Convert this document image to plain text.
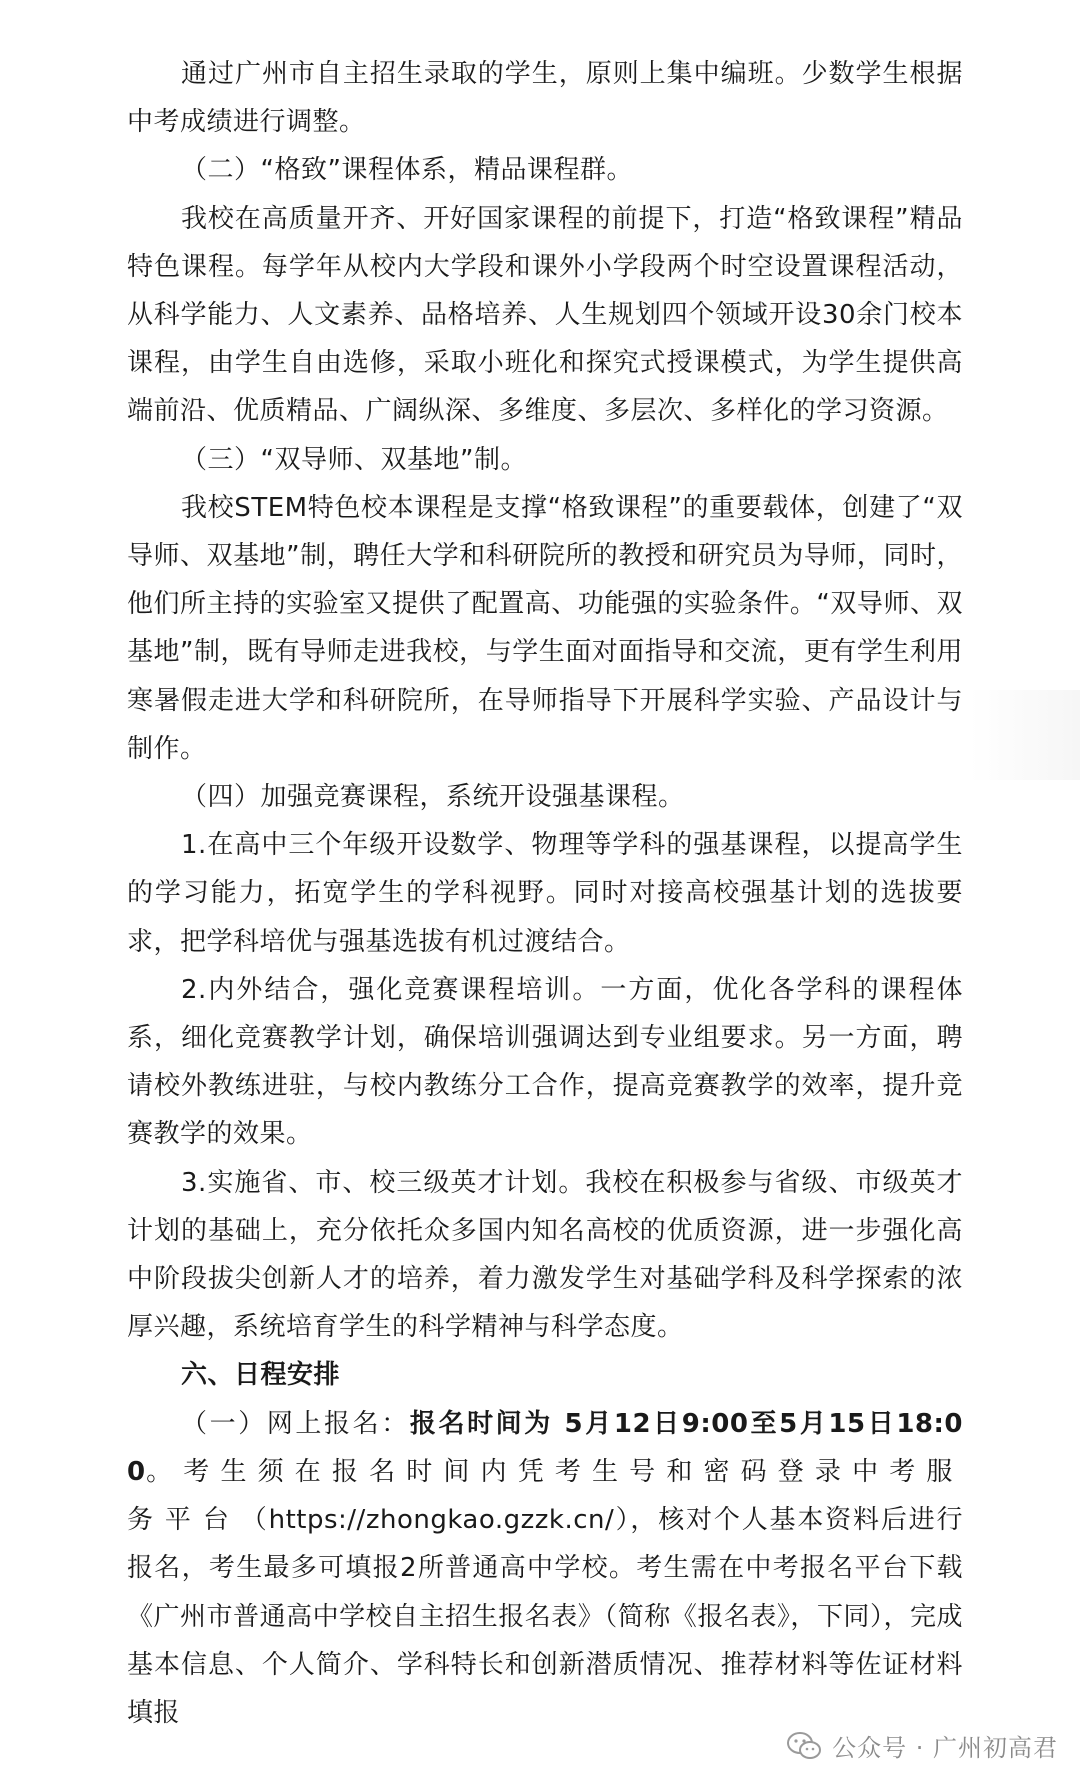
通过广州市自主招生录取的学生，原则上集中编班。少数学生根据中考成绩进行调整。

（二）“格致”课程体系，精品课程群。

我校在高质量开齐、开好国家课程的前提下，打造“格致课程”精品特色课程。每学年从校内大学段和课外小学段两个时空设置课程活动，从科学能力、人文素养、品格培养、人生规划四个领域开设30余门校本课程，由学生自由选修，采取小班化和探究式授课模式，为学生提供高端前沿、优质精品、广阔纵深、多维度、多层次、多样化的学习资源。

（三）“双导师、双基地”制。

我校STEM特色校本课程是支撑“格致课程”的重要载体，创建了“双导师、双基地”制，聘任大学和科研院所的教授和研究员为导师，同时，他们所主持的实验室又提供了配置高、功能强的实验条件。“双导师、双基地”制，既有导师走进我校，与学生面对面指导和交流，更有学生利用寒暑假走进大学和科研院所，在导师指导下开展科学实验、产品设计与制作。

（四）加强竞赛课程，系统开设强基课程。

1.在高中三个年级开设数学、物理等学科的强基课程，以提高学生的学习能力，拓宽学生的学科视野。同时对接高校强基计划的选拔要求，把学科培优与强基选拔有机过渡结合。

2.内外结合，强化竞赛课程培训。一方面，优化各学科的课程体系，细化竞赛教学计划，确保培训强调达到专业组要求。另一方面，聘请校外教练进驻，与校内教练分工合作，提高竞赛教学的效率，提升竞赛教学的效果。

3.实施省、市、校三级英才计划。我校在积极参与省级、市级英才计划的基础上，充分依托众多国内知名高校的优质资源，进一步强化高中阶段拔尖创新人才的培养，着力激发学生对基础学科及科学探索的浓厚兴趣，系统培育学生的科学精神与科学态度。

六、日程安排

（一）网上报名：报名时间为 5月12日9:00至5月15日18:00。考生须在报名时间内凭考生号和密码登录中考服务平台（https://zhongkao.gzzk.cn/），核对个人基本资料后进行报名，考生最多可填报2所普通高中学校。考生需在中考报名平台下载《广州市普通高中学校自主招生报名表》（简称《报名表》，下同），完成基本信息、个人简介、学科特长和创新潜质情况、推荐材料等佐证材料填报

公众号 · 广州初高君
